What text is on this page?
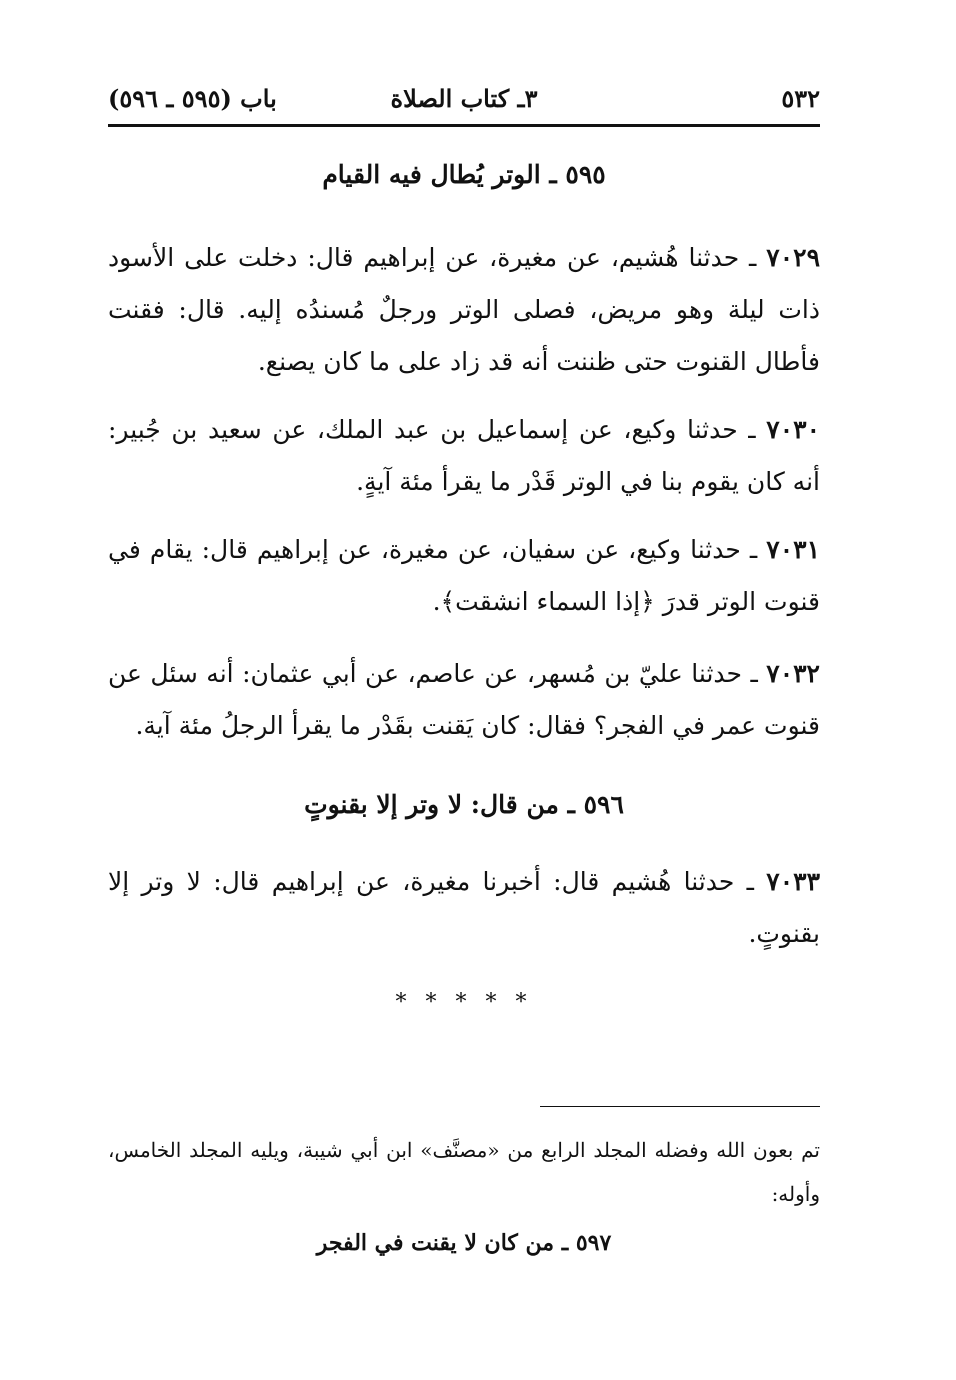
٥٣٢
٣ـ كتاب الصلاة
باب (٥٩٥ ـ ٥٩٦)
٥٩٥ ـ الوتر يُطال فيه القيام
٧٠٢٩ ـ حدثنا هُشيم، عن مغيرة، عن إبراهيم قال: دخلت على الأسود ذات ليلة وهو مريض، فصلى الوتر ورجلٌ مُسندُه إليه. قال: فقنت فأطال القنوت حتى ظننت أنه قد زاد على ما كان يصنع.
٧٠٣٠ ـ حدثنا وكيع، عن إسماعيل بن عبد الملك، عن سعيد بن جُبير: أنه كان يقوم بنا في الوتر قَدْر ما يقرأ مئة آيةٍ.
٧٠٣١ ـ حدثنا وكيع، عن سفيان، عن مغيرة، عن إبراهيم قال: يقام في قنوت الوتر قدرَ ﴿إذا السماء انشقت﴾.
٧٠٣٢ ـ حدثنا عليّ بن مُسهر، عن عاصم، عن أبي عثمان: أنه سئل عن قنوت عمر في الفجر؟ فقال: كان يَقنت بقَدْر ما يقرأ الرجلُ مئة آية.
٥٩٦ ـ من قال: لا وتر إلا بقنوتٍ
٧٠٣٣ ـ حدثنا هُشيم قال: أخبرنا مغيرة، عن إبراهيم قال: لا وتر إلا بقنوتٍ.
* * * * *
تم بعون الله وفضله المجلد الرابع من «مصنَّف» ابن أبي شيبة، ويليه المجلد الخامس، وأوله:
٥٩٧ ـ من كان لا يقنت في الفجر
